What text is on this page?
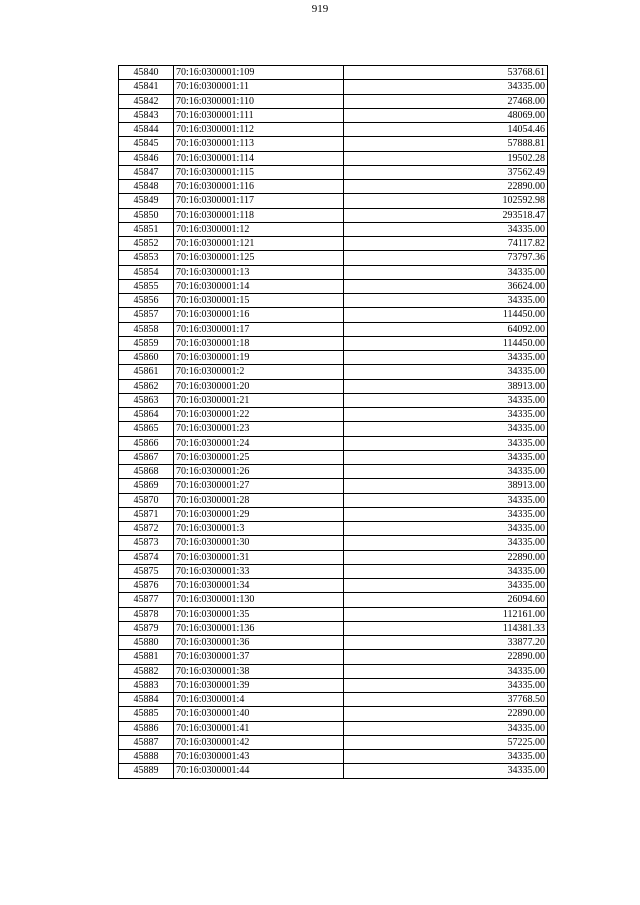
919
45840	70:16:0300001:109	53768.61
45841	70:16:0300001:11	34335.00
45842	70:16:0300001:110	27468.00
45843	70:16:0300001:111	48069.00
45844	70:16:0300001:112	14054.46
45845	70:16:0300001:113	57888.81
45846	70:16:0300001:114	19502.28
45847	70:16:0300001:115	37562.49
45848	70:16:0300001:116	22890.00
45849	70:16:0300001:117	102592.98
45850	70:16:0300001:118	293518.47
45851	70:16:0300001:12	34335.00
45852	70:16:0300001:121	74117.82
45853	70:16:0300001:125	73797.36
45854	70:16:0300001:13	34335.00
45855	70:16:0300001:14	36624.00
45856	70:16:0300001:15	34335.00
45857	70:16:0300001:16	114450.00
45858	70:16:0300001:17	64092.00
45859	70:16:0300001:18	114450.00
45860	70:16:0300001:19	34335.00
45861	70:16:0300001:2	34335.00
45862	70:16:0300001:20	38913.00
45863	70:16:0300001:21	34335.00
45864	70:16:0300001:22	34335.00
45865	70:16:0300001:23	34335.00
45866	70:16:0300001:24	34335.00
45867	70:16:0300001:25	34335.00
45868	70:16:0300001:26	34335.00
45869	70:16:0300001:27	38913.00
45870	70:16:0300001:28	34335.00
45871	70:16:0300001:29	34335.00
45872	70:16:0300001:3	34335.00
45873	70:16:0300001:30	34335.00
45874	70:16:0300001:31	22890.00
45875	70:16:0300001:33	34335.00
45876	70:16:0300001:34	34335.00
45877	70:16:0300001:130	26094.60
45878	70:16:0300001:35	112161.00
45879	70:16:0300001:136	114381.33
45880	70:16:0300001:36	33877.20
45881	70:16:0300001:37	22890.00
45882	70:16:0300001:38	34335.00
45883	70:16:0300001:39	34335.00
45884	70:16:0300001:4	37768.50
45885	70:16:0300001:40	22890.00
45886	70:16:0300001:41	34335.00
45887	70:16:0300001:42	57225.00
45888	70:16:0300001:43	34335.00
45889	70:16:0300001:44	34335.00
